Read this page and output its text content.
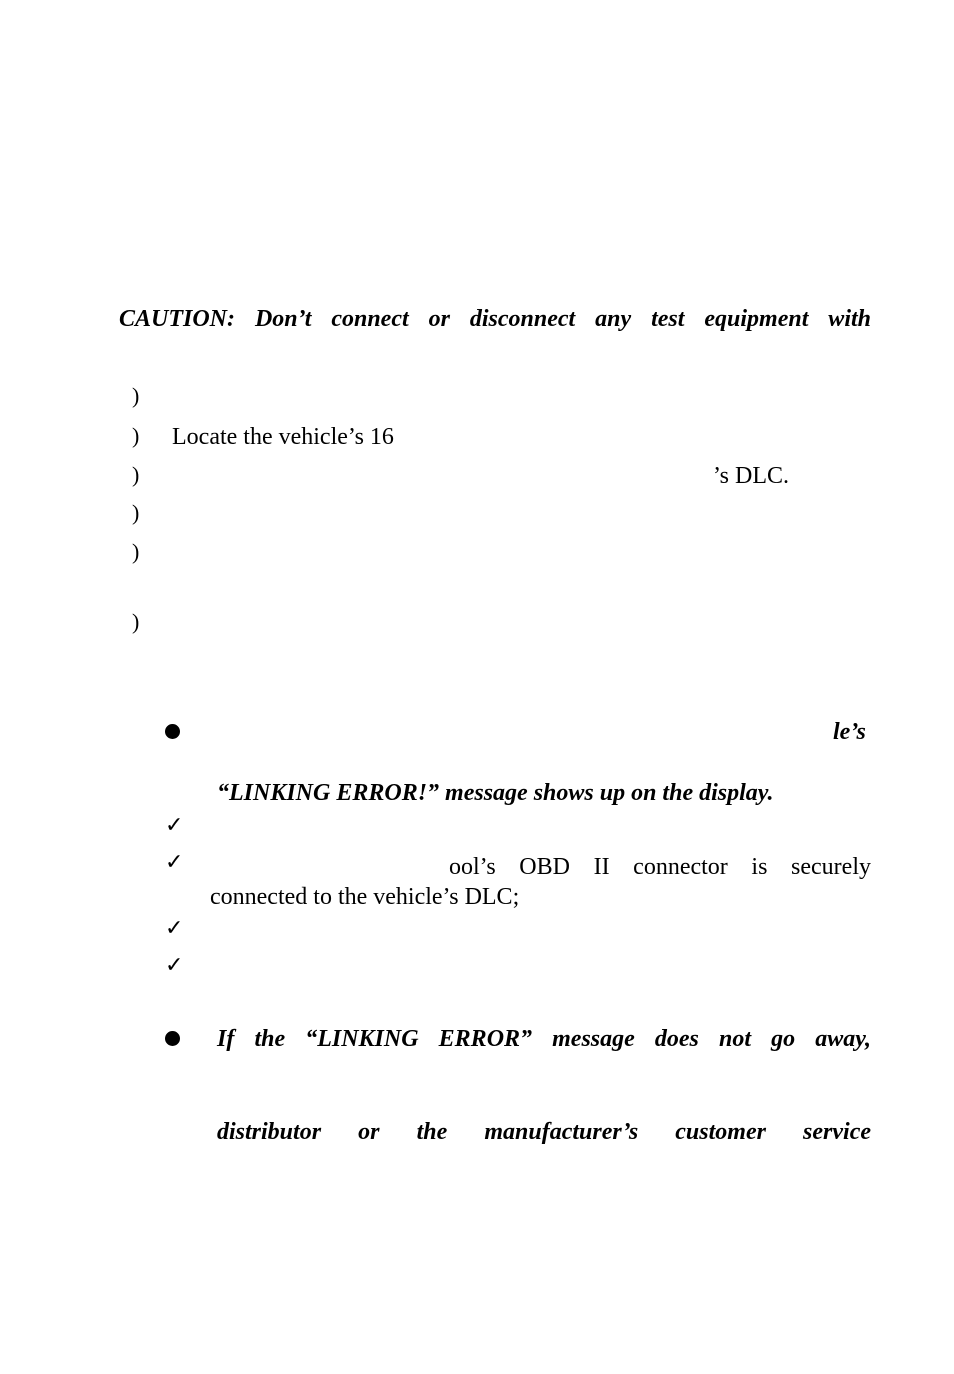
CAUTION: Don’t connect or disconnect any test equipment with
)
) Locate the vehicle’s 16
)	’s DLC.
)
)
)
le’s
“LINKING ERROR!” message shows up on the display.
✓
✓	ool’s OBD II connector is securely
connected to the vehicle’s DLC;
✓
✓
If the “LINKING ERROR” message does not go away,
distributor or the manufacturer’s customer service
